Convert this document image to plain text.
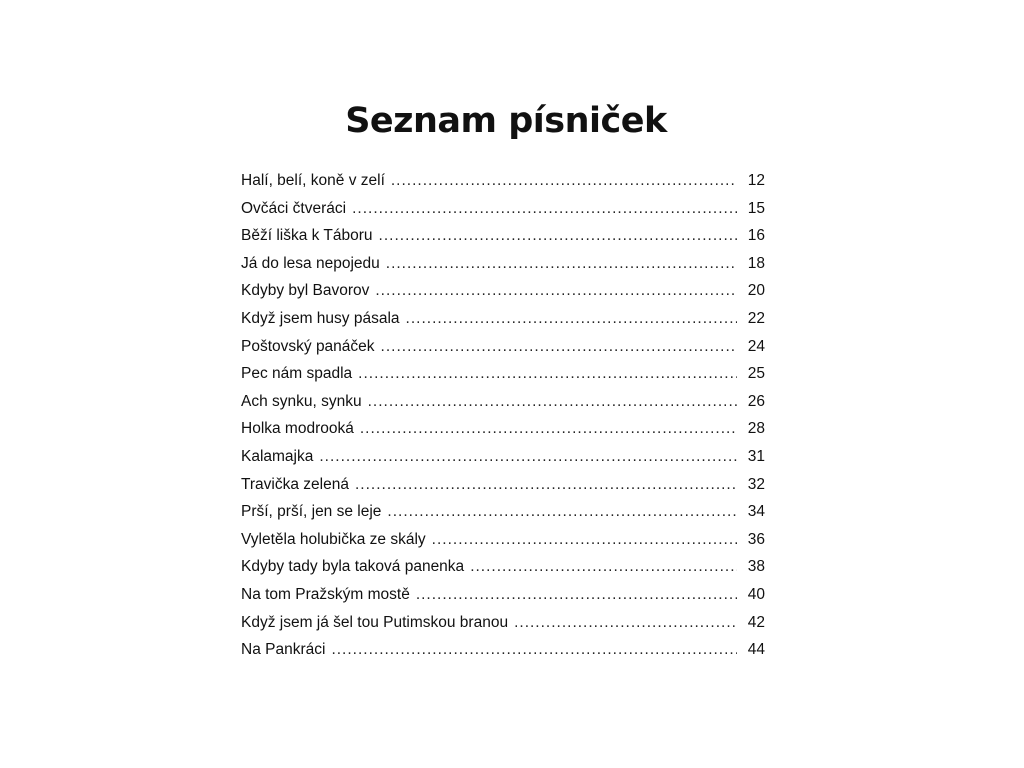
Seznam písniček
Halí, belí, koně v zelí .....	12
Ovčáci čtveráci .....	15
Běží liška k Táboru .....	16
Já do lesa nepojedu .....	18
Kdyby byl Bavorov .....	20
Když jsem husy pásala .....	22
Poštovský panáček .....	24
Pec nám spadla .....	25
Ach synku, synku .....	26
Holka modrooká .....	28
Kalamajka .....	31
Travička zelená .....	32
Prší, prší, jen se leje .....	34
Vyletěla holubička ze skály .....	36
Kdyby tady byla taková panenka .....	38
Na tom Pražským mostě .....	40
Když jsem já šel tou Putimskou branou .....	42
Na Pankráci .....	44
